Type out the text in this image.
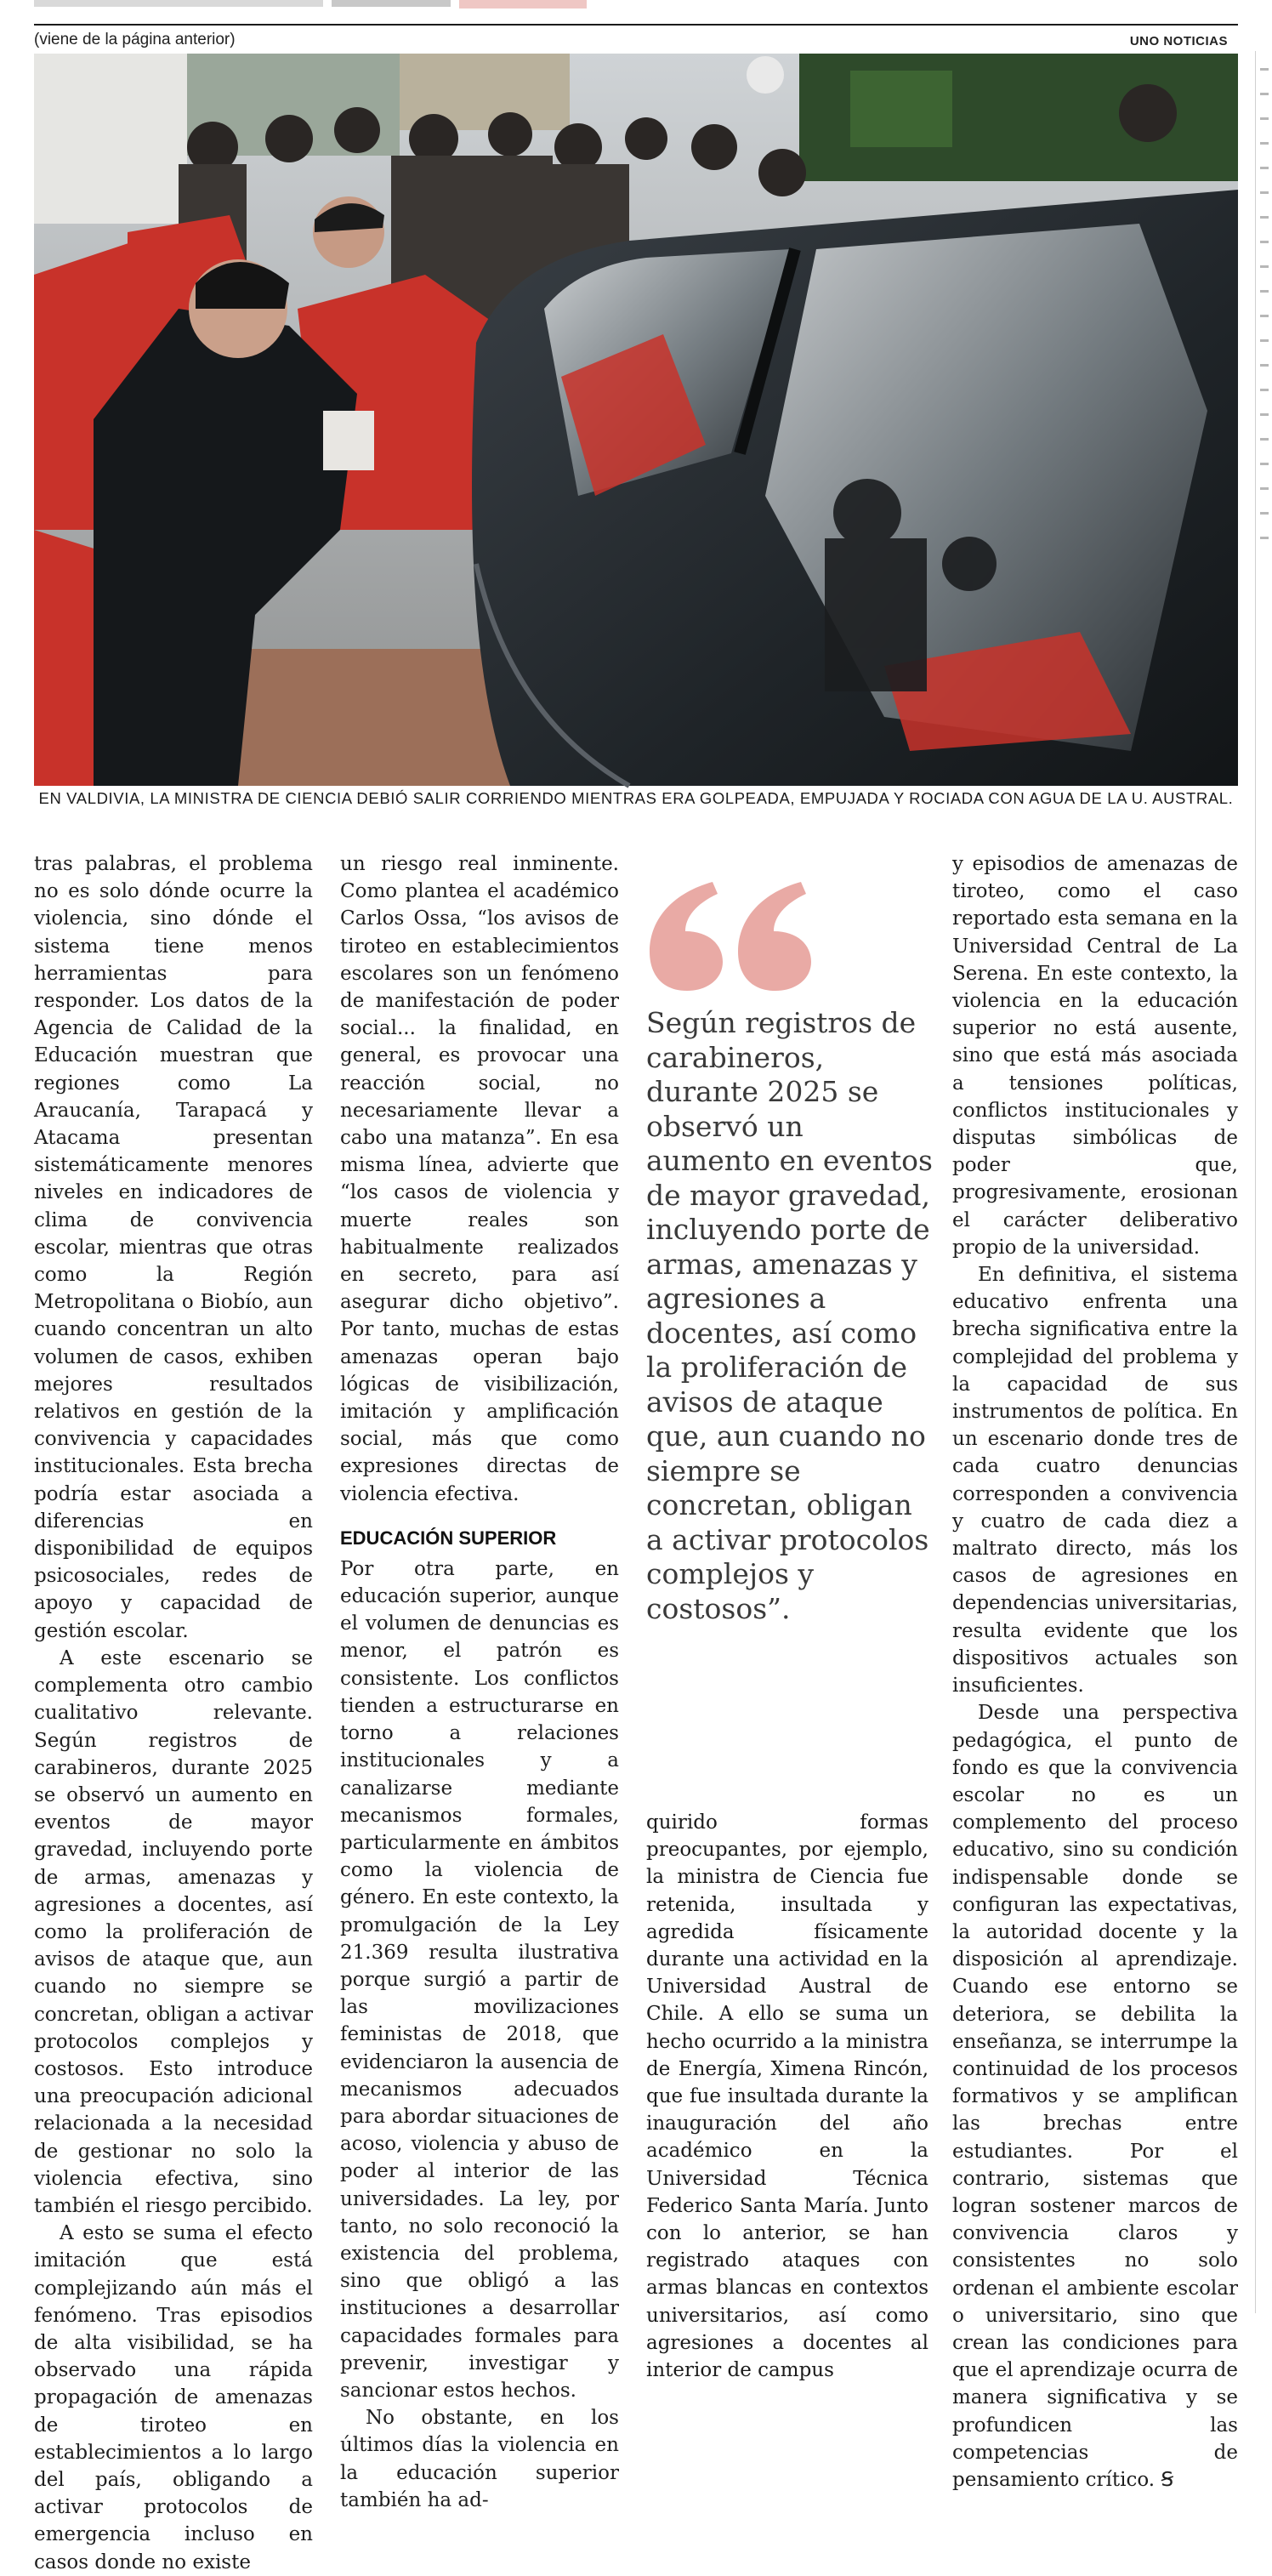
(viene de la página anterior)	UNO NOTICIAS
EN VALDIVIA, LA MINISTRA DE CIENCIA DEBIÓ SALIR CORRIENDO MIENTRAS ERA GOLPEADA, EMPUJADA Y ROCIADA CON AGUA DE LA U. AUSTRAL.

tras palabras, el problema no es solo dónde ocurre la violencia, sino dónde el sistema tiene menos herramientas para responder. Los datos de la Agencia de Calidad de la Educación muestran que regiones como La Araucanía, Tarapacá y Atacama presentan sistemáticamente menores niveles en indicadores de clima de convivencia escolar, mientras que otras como la Región Metropolitana o Biobío, aun cuando concentran un alto volumen de casos, exhiben mejores resultados relativos en gestión de la convivencia y capacidades institucionales. Esta brecha podría estar asociada a diferencias en disponibilidad de equipos psicosociales, redes de apoyo y capacidad de gestión escolar.

A este escenario se complementa otro cambio cualitativo relevante. Según registros de carabineros, durante 2025 se observó un aumento en eventos de mayor gravedad, incluyendo porte de armas, amenazas y agresiones a docentes, así como la proliferación de avisos de ataque que, aun cuando no siempre se concretan, obligan a activar protocolos complejos y costosos. Esto introduce una preocupación adicional relacionada a la necesidad de gestionar no solo la violencia efectiva, sino también el riesgo percibido.

A esto se suma el efecto imitación que está complejizando aún más el fenómeno. Tras episodios de alta visibilidad, se ha observado una rápida propagación de amenazas de tiroteo en establecimientos a lo largo del país, obligando a activar protocolos de emergencia incluso en casos donde no existe

un riesgo real inminente. Como plantea el académico Carlos Ossa, “los avisos de tiroteo en establecimientos escolares son un fenómeno de manifestación de poder social... la finalidad, en general, es provocar una reacción social, no necesariamente llevar a cabo una matanza”. En esa misma línea, advierte que “los casos de violencia y muerte reales son habitualmente realizados en secreto, para así asegurar dicho objetivo”. Por tanto, muchas de estas amenazas operan bajo lógicas de visibilización, imitación y amplificación social, más que como expresiones directas de violencia efectiva.

EDUCACIÓN SUPERIOR

Por otra parte, en educación superior, aunque el volumen de denuncias es menor, el patrón es consistente. Los conflictos tienden a estructurarse en torno a relaciones institucionales y a canalizarse mediante mecanismos formales, particularmente en ámbitos como la violencia de género. En este contexto, la promulgación de la Ley 21.369 resulta ilustrativa porque surgió a partir de las movilizaciones feministas de 2018, que evidenciaron la ausencia de mecanismos adecuados para abordar situaciones de acoso, violencia y abuso de poder al interior de las universidades. La ley, por tanto, no solo reconoció la existencia del problema, sino que obligó a las instituciones a desarrollar capacidades formales para prevenir, investigar y sancionar estos hechos.

No obstante, en los últimos días la violencia en la educación superior también ha ad-

Según registros de carabineros, durante 2025 se observó un aumento en eventos de mayor gravedad, incluyendo porte de armas, amenazas y agresiones a docentes, así como la proliferación de avisos de ataque que, aun cuando no siempre se concretan, obligan a activar protocolos complejos y costosos”.

quirido formas preocupantes, por ejemplo, la ministra de Ciencia fue retenida, insultada y agredida físicamente durante una actividad en la Universidad Austral de Chile. A ello se suma un hecho ocurrido a la ministra de Energía, Ximena Rincón, que fue insultada durante la inauguración del año académico en la Universidad Técnica Federico Santa María. Junto con lo anterior, se han registrado ataques con armas blancas en contextos universitarios, así como agresiones a docentes al interior de campus

y episodios de amenazas de tiroteo, como el caso reportado esta semana en la Universidad Central de La Serena. En este contexto, la violencia en la educación superior no está ausente, sino que está más asociada a tensiones políticas, conflictos institucionales y disputas simbólicas de poder que, progresivamente, erosionan el carácter deliberativo propio de la universidad.

En definitiva, el sistema educativo enfrenta una brecha significativa entre la complejidad del problema y la capacidad de sus instrumentos de política. En un escenario donde tres de cada cuatro denuncias corresponden a convivencia y cuatro de cada diez a maltrato directo, más los casos de agresiones en dependencias universitarias, resulta evidente que los dispositivos actuales son insuficientes.

Desde una perspectiva pedagógica, el punto de fondo es que la convivencia escolar no es un complemento del proceso educativo, sino su condición indispensable donde se configuran las expectativas, la autoridad docente y la disposición al aprendizaje. Cuando ese entorno se deteriora, se debilita la enseñanza, se interrumpe la continuidad de los procesos formativos y se amplifican las brechas entre estudiantes. Por el contrario, sistemas que logran sostener marcos de convivencia claros y consistentes no solo ordenan el ambiente escolar o universitario, sino que crean las condiciones para que el aprendizaje ocurra de manera significativa y se profundicen las competencias de pensamiento crítico. Ꞩ
